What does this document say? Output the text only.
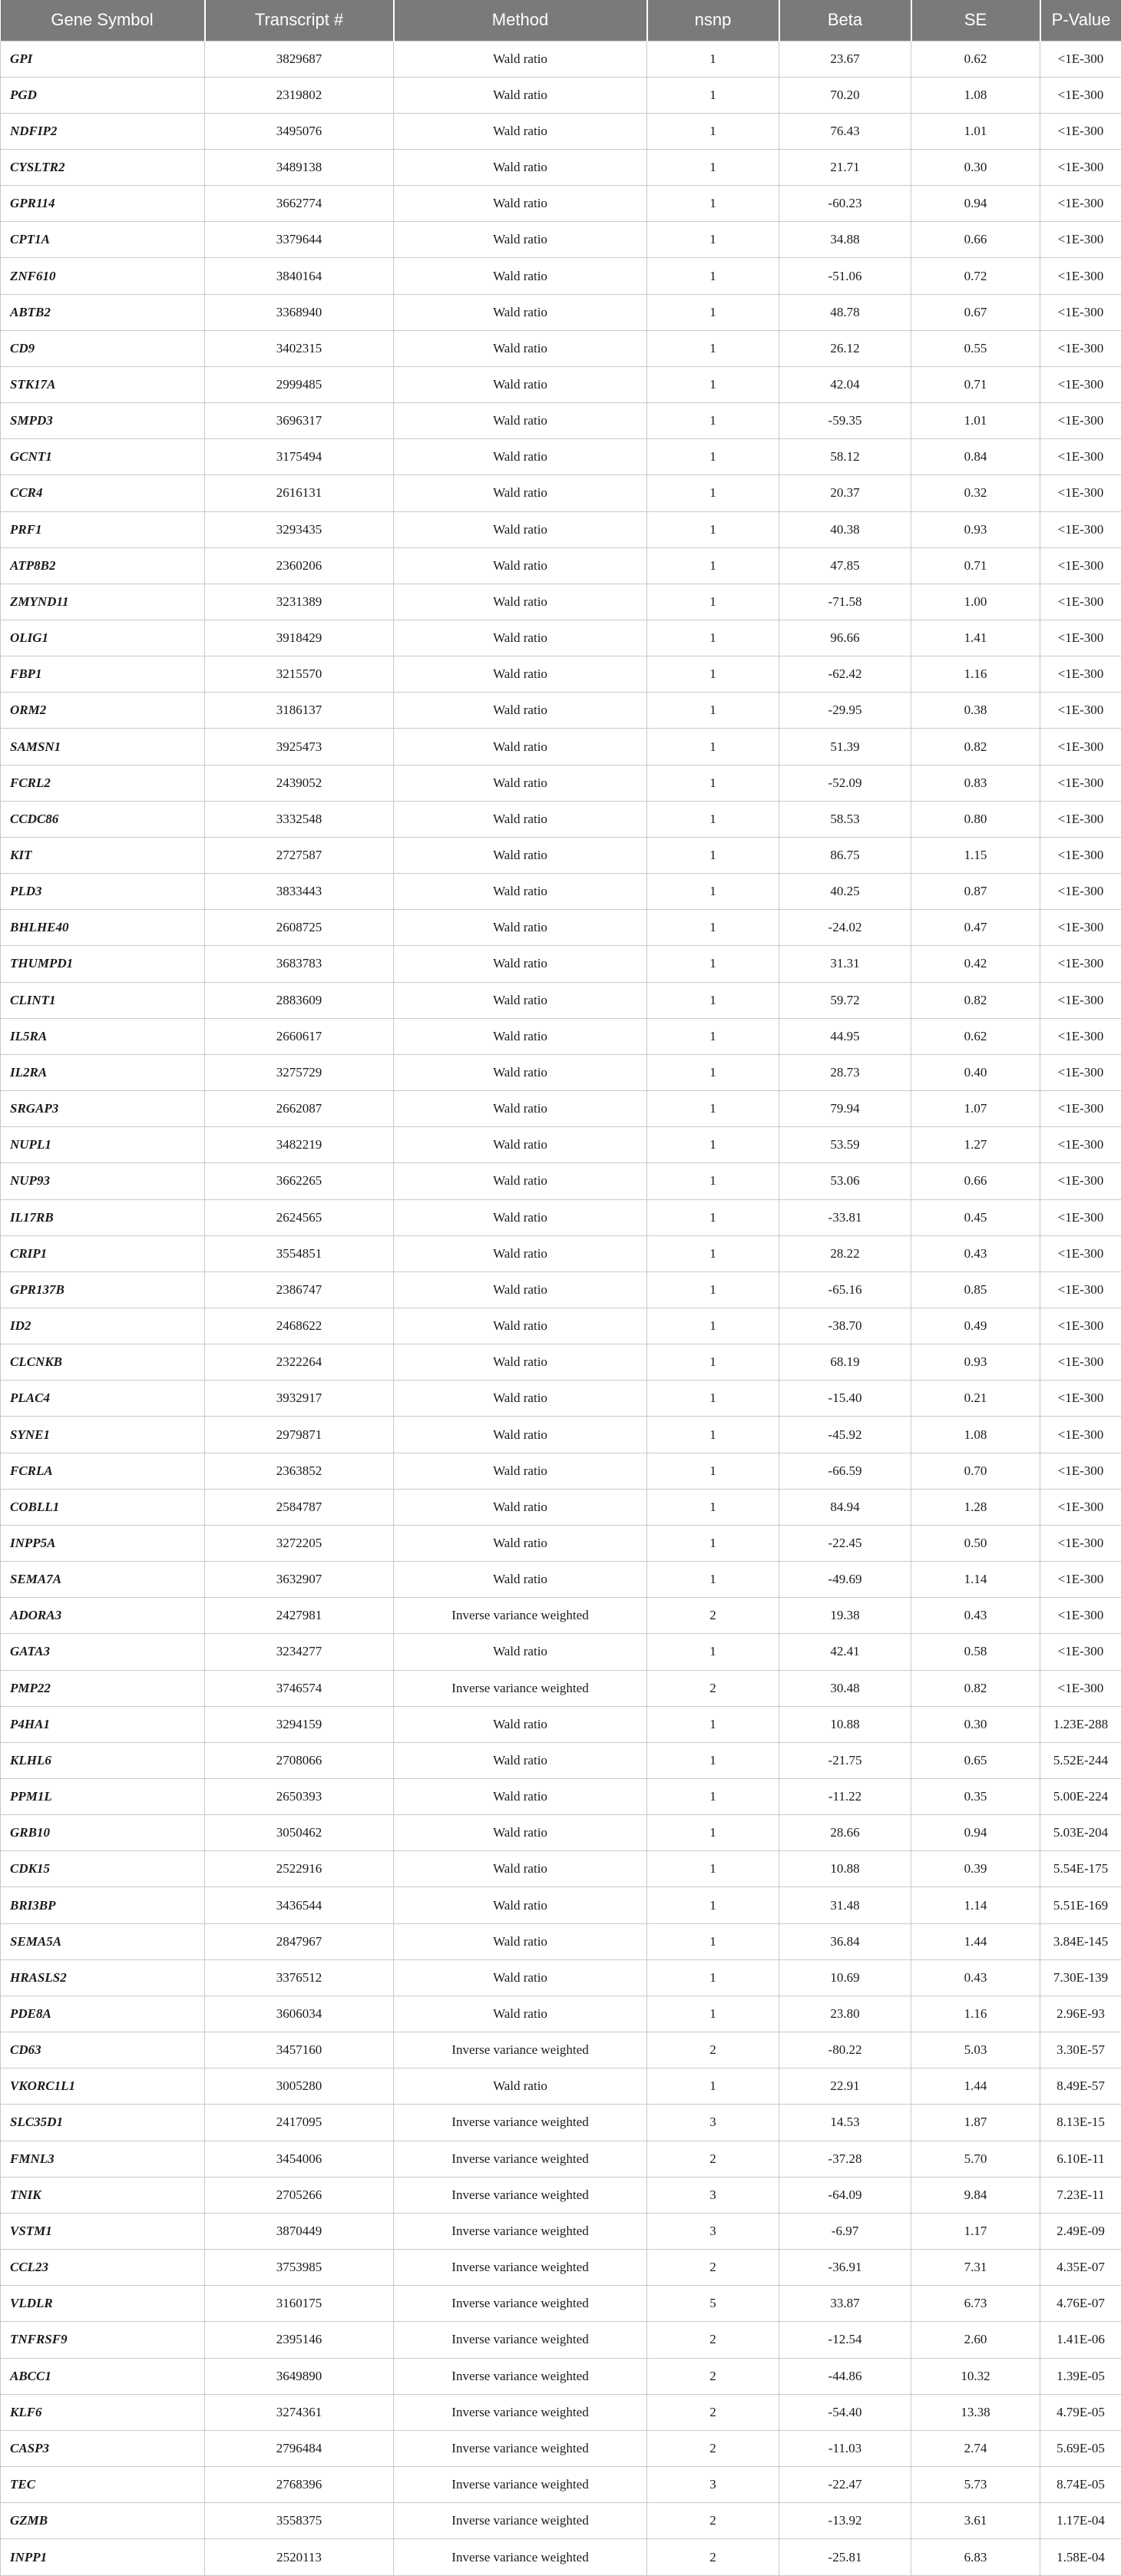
Gene Symbol	Transcript #	Method	nsnp	Beta	SE	P-Value
GPI	3829687	Wald ratio	1	23.67	0.62	<1E-300
PGD	2319802	Wald ratio	1	70.20	1.08	<1E-300
NDFIP2	3495076	Wald ratio	1	76.43	1.01	<1E-300
CYSLTR2	3489138	Wald ratio	1	21.71	0.30	<1E-300
GPR114	3662774	Wald ratio	1	-60.23	0.94	<1E-300
CPT1A	3379644	Wald ratio	1	34.88	0.66	<1E-300
ZNF610	3840164	Wald ratio	1	-51.06	0.72	<1E-300
ABTB2	3368940	Wald ratio	1	48.78	0.67	<1E-300
CD9	3402315	Wald ratio	1	26.12	0.55	<1E-300
STK17A	2999485	Wald ratio	1	42.04	0.71	<1E-300
SMPD3	3696317	Wald ratio	1	-59.35	1.01	<1E-300
GCNT1	3175494	Wald ratio	1	58.12	0.84	<1E-300
CCR4	2616131	Wald ratio	1	20.37	0.32	<1E-300
PRF1	3293435	Wald ratio	1	40.38	0.93	<1E-300
ATP8B2	2360206	Wald ratio	1	47.85	0.71	<1E-300
ZMYND11	3231389	Wald ratio	1	-71.58	1.00	<1E-300
OLIG1	3918429	Wald ratio	1	96.66	1.41	<1E-300
FBP1	3215570	Wald ratio	1	-62.42	1.16	<1E-300
ORM2	3186137	Wald ratio	1	-29.95	0.38	<1E-300
SAMSN1	3925473	Wald ratio	1	51.39	0.82	<1E-300
FCRL2	2439052	Wald ratio	1	-52.09	0.83	<1E-300
CCDC86	3332548	Wald ratio	1	58.53	0.80	<1E-300
KIT	2727587	Wald ratio	1	86.75	1.15	<1E-300
PLD3	3833443	Wald ratio	1	40.25	0.87	<1E-300
BHLHE40	2608725	Wald ratio	1	-24.02	0.47	<1E-300
THUMPD1	3683783	Wald ratio	1	31.31	0.42	<1E-300
CLINT1	2883609	Wald ratio	1	59.72	0.82	<1E-300
IL5RA	2660617	Wald ratio	1	44.95	0.62	<1E-300
IL2RA	3275729	Wald ratio	1	28.73	0.40	<1E-300
SRGAP3	2662087	Wald ratio	1	79.94	1.07	<1E-300
NUPL1	3482219	Wald ratio	1	53.59	1.27	<1E-300
NUP93	3662265	Wald ratio	1	53.06	0.66	<1E-300
IL17RB	2624565	Wald ratio	1	-33.81	0.45	<1E-300
CRIP1	3554851	Wald ratio	1	28.22	0.43	<1E-300
GPR137B	2386747	Wald ratio	1	-65.16	0.85	<1E-300
ID2	2468622	Wald ratio	1	-38.70	0.49	<1E-300
CLCNKB	2322264	Wald ratio	1	68.19	0.93	<1E-300
PLAC4	3932917	Wald ratio	1	-15.40	0.21	<1E-300
SYNE1	2979871	Wald ratio	1	-45.92	1.08	<1E-300
FCRLA	2363852	Wald ratio	1	-66.59	0.70	<1E-300
COBLL1	2584787	Wald ratio	1	84.94	1.28	<1E-300
INPP5A	3272205	Wald ratio	1	-22.45	0.50	<1E-300
SEMA7A	3632907	Wald ratio	1	-49.69	1.14	<1E-300
ADORA3	2427981	Inverse variance weighted	2	19.38	0.43	<1E-300
GATA3	3234277	Wald ratio	1	42.41	0.58	<1E-300
PMP22	3746574	Inverse variance weighted	2	30.48	0.82	<1E-300
P4HA1	3294159	Wald ratio	1	10.88	0.30	1.23E-288
KLHL6	2708066	Wald ratio	1	-21.75	0.65	5.52E-244
PPM1L	2650393	Wald ratio	1	-11.22	0.35	5.00E-224
GRB10	3050462	Wald ratio	1	28.66	0.94	5.03E-204
CDK15	2522916	Wald ratio	1	10.88	0.39	5.54E-175
BRI3BP	3436544	Wald ratio	1	31.48	1.14	5.51E-169
SEMA5A	2847967	Wald ratio	1	36.84	1.44	3.84E-145
HRASLS2	3376512	Wald ratio	1	10.69	0.43	7.30E-139
PDE8A	3606034	Wald ratio	1	23.80	1.16	2.96E-93
CD63	3457160	Inverse variance weighted	2	-80.22	5.03	3.30E-57
VKORC1L1	3005280	Wald ratio	1	22.91	1.44	8.49E-57
SLC35D1	2417095	Inverse variance weighted	3	14.53	1.87	8.13E-15
FMNL3	3454006	Inverse variance weighted	2	-37.28	5.70	6.10E-11
TNIK	2705266	Inverse variance weighted	3	-64.09	9.84	7.23E-11
VSTM1	3870449	Inverse variance weighted	3	-6.97	1.17	2.49E-09
CCL23	3753985	Inverse variance weighted	2	-36.91	7.31	4.35E-07
VLDLR	3160175	Inverse variance weighted	5	33.87	6.73	4.76E-07
TNFRSF9	2395146	Inverse variance weighted	2	-12.54	2.60	1.41E-06
ABCC1	3649890	Inverse variance weighted	2	-44.86	10.32	1.39E-05
KLF6	3274361	Inverse variance weighted	2	-54.40	13.38	4.79E-05
CASP3	2796484	Inverse variance weighted	2	-11.03	2.74	5.69E-05
TEC	2768396	Inverse variance weighted	3	-22.47	5.73	8.74E-05
GZMB	3558375	Inverse variance weighted	2	-13.92	3.61	1.17E-04
INPP1	2520113	Inverse variance weighted	2	-25.81	6.83	1.58E-04
